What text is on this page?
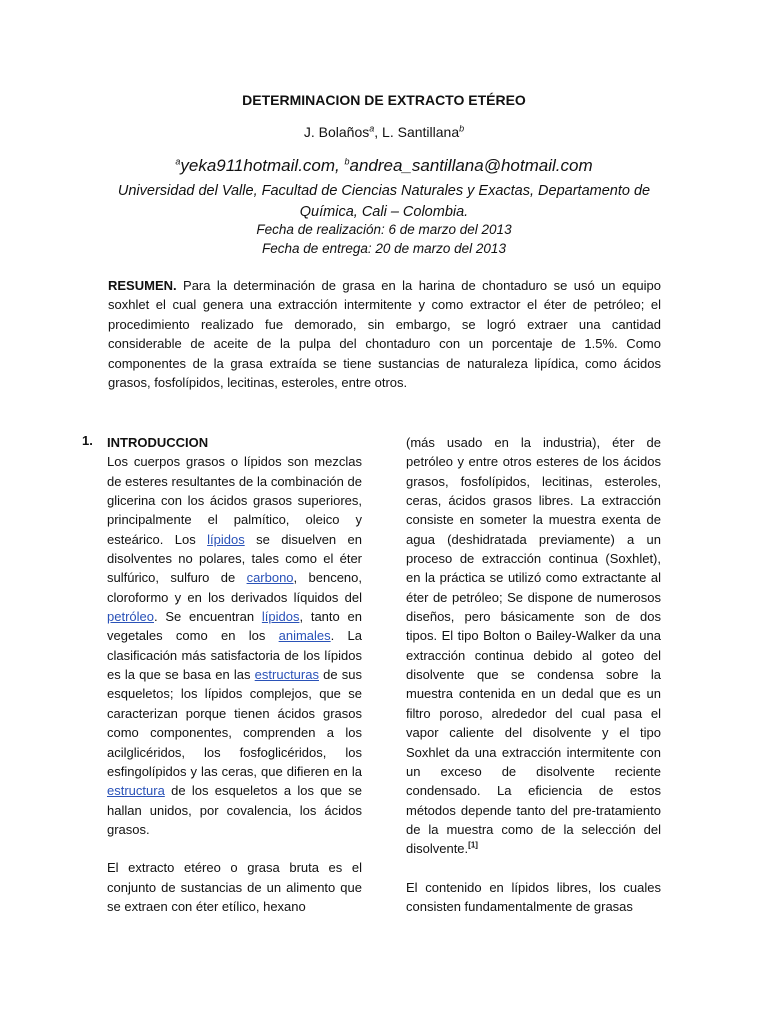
DETERMINACION DE EXTRACTO ETÉREO
J. Bolaños$^a$, L. Santillana$^b$
$^a$yeka911hotmail.com, $^b$andrea_santillana@hotmail.com
Universidad del Valle, Facultad de Ciencias Naturales y Exactas, Departamento de Química, Cali – Colombia.
Fecha de realización: 6 de marzo del 2013
Fecha de entrega: 20 de marzo del 2013
RESUMEN. Para la determinación de grasa en la harina de chontaduro se usó un equipo soxhlet el cual genera una extracción intermitente y como extractor el éter de petróleo; el procedimiento realizado fue demorado, sin embargo, se logró extraer una cantidad considerable de aceite de la pulpa del chontaduro con un porcentaje de 1.5%. Como componentes de la grasa extraída se tiene sustancias de naturaleza lipídica, como ácidos grasos, fosfolípidos, lecitinas, esteroles, entre otros.
1. INTRODUCCION
Los cuerpos grasos o lípidos son mezclas de esteres resultantes de la combinación de glicerina con los ácidos grasos superiores, principalmente el palmítico, oleico y esteárico. Los lípidos se disuelven en disolventes no polares, tales como el éter sulfúrico, sulfuro de carbono, benceno, cloroformo y en los derivados líquidos del petróleo. Se encuentran lípidos, tanto en vegetales como en los animales. La clasificación más satisfactoria de los lípidos es la que se basa en las estructuras de sus esqueletos; los lípidos complejos, que se caracterizan porque tienen ácidos grasos como componentes, comprenden a los acilglicéridos, los fosfoglicéridos, los esfingolípidos y las ceras, que difieren en la estructura de los esqueletos a los que se hallan unidos, por covalencia, los ácidos grasos.
El extracto etéreo o grasa bruta es el conjunto de sustancias de un alimento que se extraen con éter etílico, hexano
(más usado en la industria), éter de petróleo y entre otros esteres de los ácidos grasos, fosfolípidos, lecitinas, esteroles, ceras, ácidos grasos libres. La extracción consiste en someter la muestra exenta de agua (deshidratada previamente) a un proceso de extracción continua (Soxhlet), en la práctica se utilizó como extractante al éter de petróleo; Se dispone de numerosos diseños, pero básicamente son de dos tipos. El tipo Bolton o Bailey-Walker da una extracción continua debido al goteo del disolvente que se condensa sobre la muestra contenida en un dedal que es un filtro poroso, alrededor del cual pasa el vapor caliente del disolvente y el tipo Soxhlet da una extracción intermitente con un exceso de disolvente reciente condensado. La eficiencia de estos métodos depende tanto del pre-tratamiento de la muestra como de la selección del disolvente.[1]
El contenido en lípidos libres, los cuales consisten fundamentalmente de grasas
